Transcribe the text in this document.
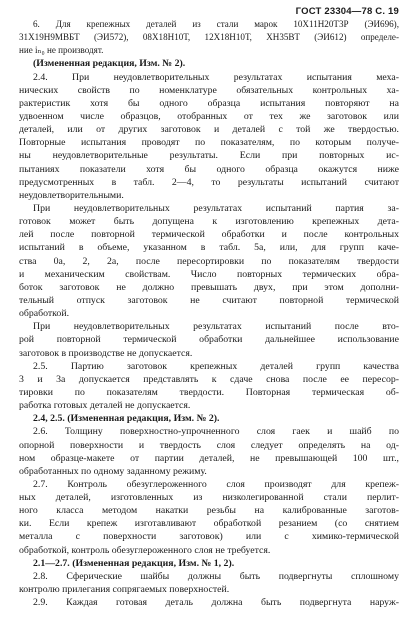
ГОСТ 23304—78 С. 19
6. Для крепежных деталей из стали марок 10Х11Н20Т3Р (ЭИ696),
31Х19Н9МВБТ (ЭИ572), 08Х18Н10Т, 12Х18Н10Т, ХН35ВТ (ЭИ612) определе-
ние iₙ₀ не производят.
(Измененная редакция, Изм. № 2).
2.4. При неудовлетворительных результатах испытания меха-
нических свойств по номенклатуре обязательных контрольных ха-
рактеристик хотя бы одного образца испытания повторяют на
удвоенном числе образцов, отобранных от тех же заготовок или
деталей, или от других заготовок и деталей с той же твердостью.
Повторные испытания проводят по показателям, по которым получе-
ны неудовлетворительные результаты. Если при повторных ис-
пытаниях показатели хотя бы одного образца окажутся ниже
предусмотренных в табл. 2—4, то результаты испытаний считают
неудовлетворительными.
При неудовлетворительных результатах испытаний партия за-
готовок может быть допущена к изготовлению крепежных дета-
лей после повторной термической обработки и после контрольных
испытаний в объеме, указанном в табл. 5а, или, для групп каче-
ства 0а, 2, 2а, после пересортировки по показателям твердости
и механическим свойствам. Число повторных термических обра-
боток заготовок не должно превышать двух, при этом дополни-
тельный отпуск заготовок не считают повторной термической
обработкой.
При неудовлетворительных результатах испытаний после вто-
рой повторной термической обработки дальнейшее использование
заготовок в производстве не допускается.
2.5. Партию заготовок крепежных деталей групп качества
3 и 3а допускается представлять к сдаче снова после ее пересор-
тировки по показателям твердости. Повторная термическая об-
работка готовых деталей не допускается.
2.4, 2.5. (Измененная редакция, Изм. № 2).
2.6. Толщину поверхностно-упрочненного слоя гаек и шайб по
опорной поверхности и твердость слоя следует определять на од-
ном образце-макете от партии деталей, не превышающей 100 шт.,
обработанных по одному заданному режиму.
2.7. Контроль обезуглероженного слоя производят для крепеж-
ных деталей, изготовленных из низколегированной стали перлит-
ного класса методом накатки резьбы на калиброванные заготов-
ки. Если крепеж изготавливают обработкой резанием (со снятием
металла с поверхности заготовок) или с химико-термической
обработкой, контроль обезуглероженного слоя не требуется.
2.1—2.7. (Измененная редакция, Изм. № 1, 2).
2.8. Сферические шайбы должны быть подвергнуты сплошному
контролю прилегания сопрягаемых поверхностей.
2.9. Каждая готовая деталь должна быть подвергнута наруж-
